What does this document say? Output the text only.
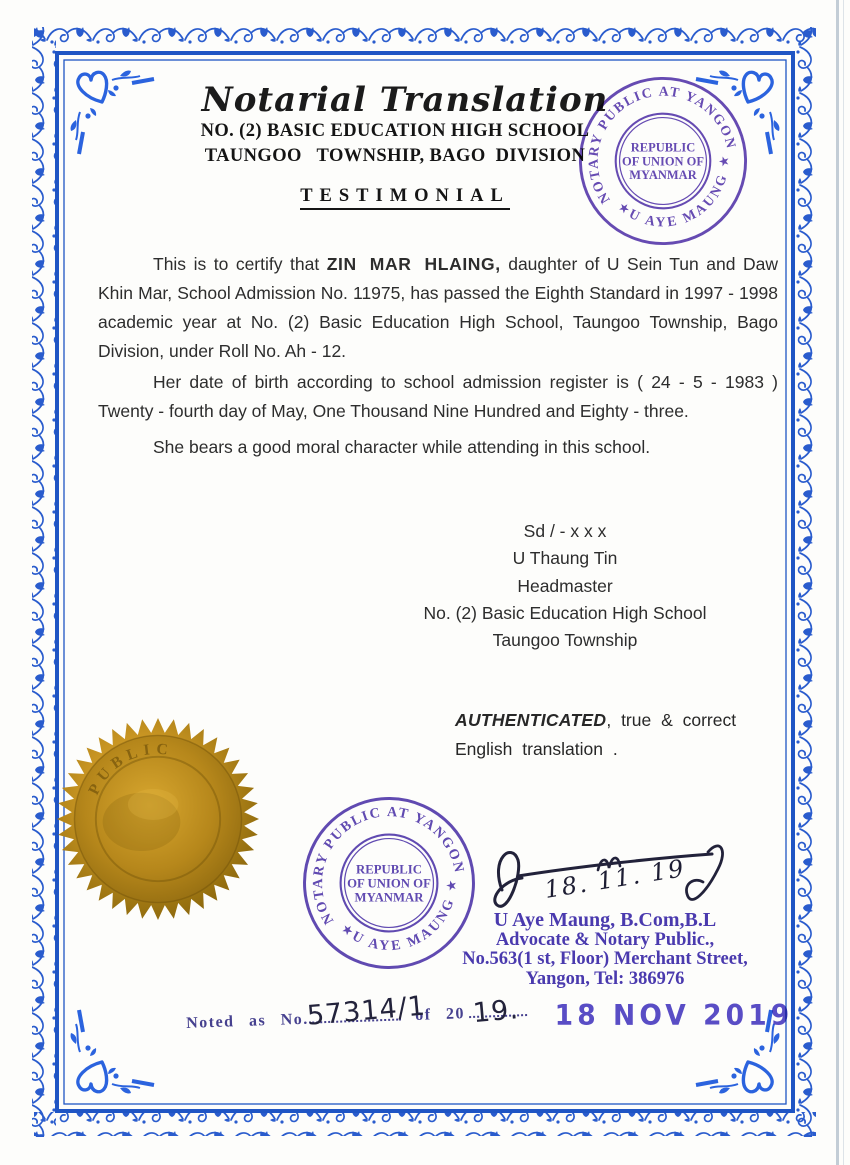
Notarial Translation
NO. (2) BASIC EDUCATION HIGH SCHOOL
TAUNGOO   TOWNSHIP, BAGO  DIVISION
TESTIMONIAL

This is to certify that ZIN MAR HLAING, daughter of U Sein Tun and Daw Khin Mar, School Admission No. 11975, has passed the Eighth Standard in 1997 - 1998 academic year at No. (2) Basic Education High School, Taungoo Township, Bago Division, under Roll No. Ah - 12.

Her date of birth according to school admission register is ( 24 - 5 - 1983 ) Twenty - fourth day of May, One Thousand Nine Hundred and Eighty - three.

She bears a good moral character while attending in this school.

Sd / - x x x
U Thaung Tin
Headmaster
No. (2) Basic Education High School
Taungoo Township
AUTHENTICATED, true & correct
English translation .
PUBLIC
NOTARY PUBLIC AT YANGON
U AYE MAUNG
★
★
REPUBLIC
OF UNION OF
MYANMAR
NOTARY PUBLIC AT YANGON
U AYE MAUNG
★
★
REPUBLIC
OF UNION OF
MYANMAR	18. 11. 19
U Aye Maung, B.Com,B.L
Advocate & Notary Public.,
No.563(1 st, Floor) Merchant Street,
Yangon, Tel: 386976
Noted as No.
57314/1
of 20 19. 18 NOV 2019
